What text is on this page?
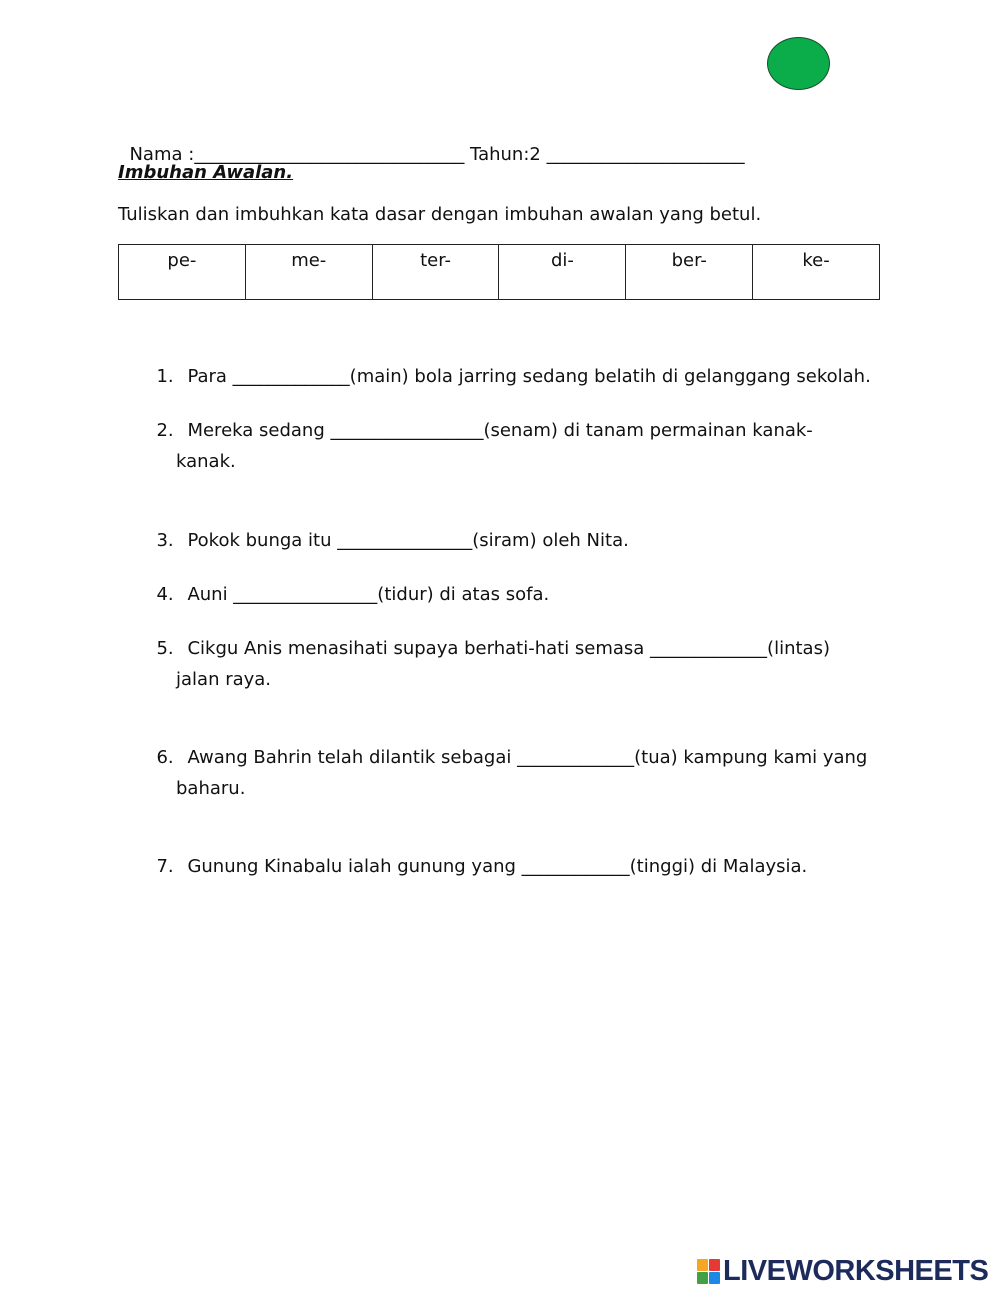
Nama :______________________________ Tahun:2 ______________________

Imbuhan Awalan.
Tuliskan dan imbuhkan kata dasar dengan imbuhan awalan yang betul.
pe-	me-	ter-	di-	ber-	ke-

1. Para _____________(main) bola jarring sedang belatih di gelanggang sekolah.

2. Mereka sedang _________________(senam) di tanam permainan kanak-

kanak.

3. Pokok bunga itu _______________(siram) oleh Nita.

4. Auni ________________(tidur) di atas sofa.

5. Cikgu Anis menasihati supaya berhati-hati semasa _____________(lintas)

jalan raya.

6. Awang Bahrin telah dilantik sebagai _____________(tua) kampung kami yang

baharu.

7. Gunung Kinabalu ialah gunung yang ____________(tinggi) di Malaysia.

LIVEWORKSHEETS
